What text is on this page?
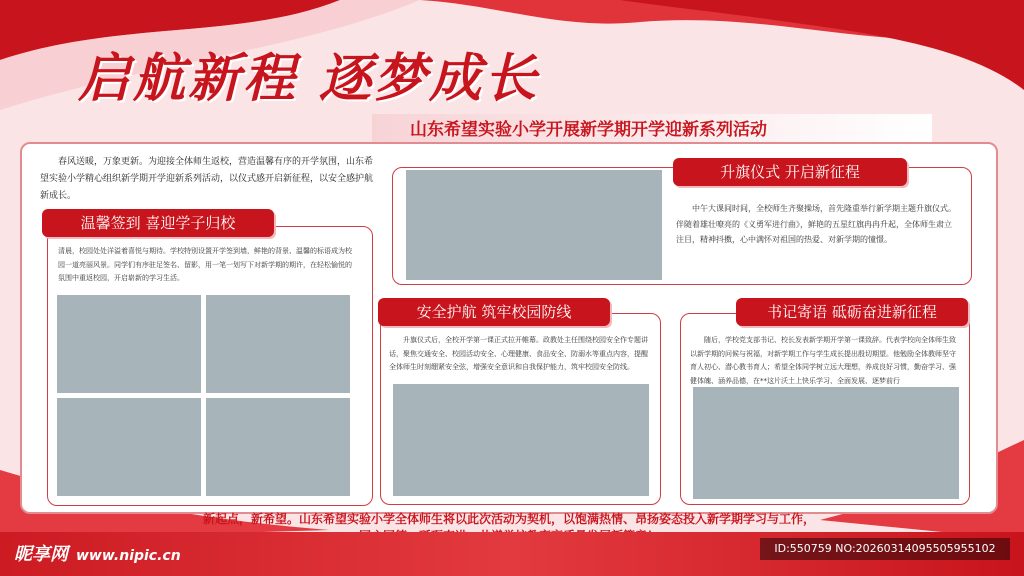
启航新程 逐梦成长
山东希望实验小学开展新学期开学迎新系列活动

春风送暖，万象更新。为迎接全体师生返校，营造温馨有序的开学氛围，山东希望实验小学精心组织新学期开学迎新系列活动，以仪式感开启新征程，以安全感护航新成长。

温馨签到 喜迎学子归校
清晨，校园处处洋溢着喜悦与期待。学校特别设置开学签到墙，鲜艳的背景、温馨的标语成为校园一道亮丽风景。同学们有序驻足签名、留影，用一笔一划写下对新学期的期许，在轻松愉悦的氛围中重返校园，开启崭新的学习生活。
升旗仪式 开启新征程
中午大课间时间，全校师生齐聚操场，首先隆重举行新学期主题升旗仪式。伴随着雄壮嘹亮的《义勇军进行曲》，鲜艳的五星红旗冉冉升起，全体师生肃立注目，精神抖擞，心中满怀对祖国的热爱、对新学期的憧憬。
安全护航 筑牢校园防线
升旗仪式后，全校开学第一课正式拉开帷幕。政教处主任围绕校园安全作专题讲话，聚焦交通安全、校园活动安全、心理健康、食品安全、防溺水等重点内容，提醒全体师生时刻绷紧安全弦，增强安全意识和自我保护能力，筑牢校园安全防线。
书记寄语 砥砺奋进新征程
随后，学校党支部书记、校长发表新学期开学第一课致辞。代表学校向全体师生致以新学期的问候与祝福，对新学期工作与学生成长提出殷切期望。他勉励全体教师坚守育人初心、潜心教书育人；希望全体同学树立远大理想，养成良好习惯，勤奋学习、强健体魄、涵养品德，在**这片沃土上快乐学习、全面发展、逐梦前行
新起点，新希望。山东希望实验小学全体师生将以此次活动为契机，以饱满热情、昂扬姿态投入新学期学习与工作，
昵享网 www.nipic.cn	ID:550759 NO:20260314095505955102
